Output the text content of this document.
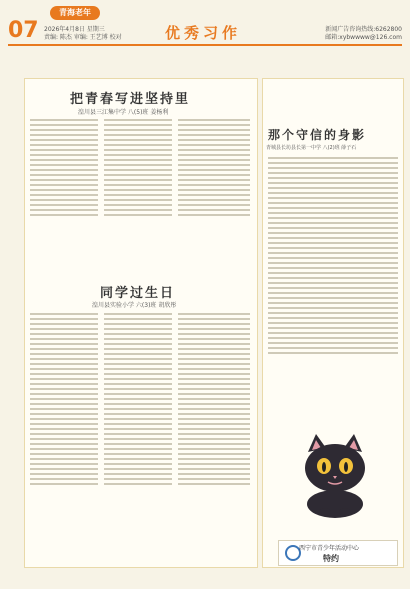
青海老年
07 2026年4月8日 星期三
责编: 陈杰 审编: 王艺博 校对	优秀习作	新闻广告咨询热线:6262800
邮箱:xybwwww@126.com
把青春写进坚持里
湟川县三江集中学 八(5)班 姜杨利
同学过生日
湟川县实验小学 六(3)班 胡欣彤
那个守信的身影
青城县长坊县长第一中学 八(2)班 薛子石
西宁市青少年活动中心
特约
